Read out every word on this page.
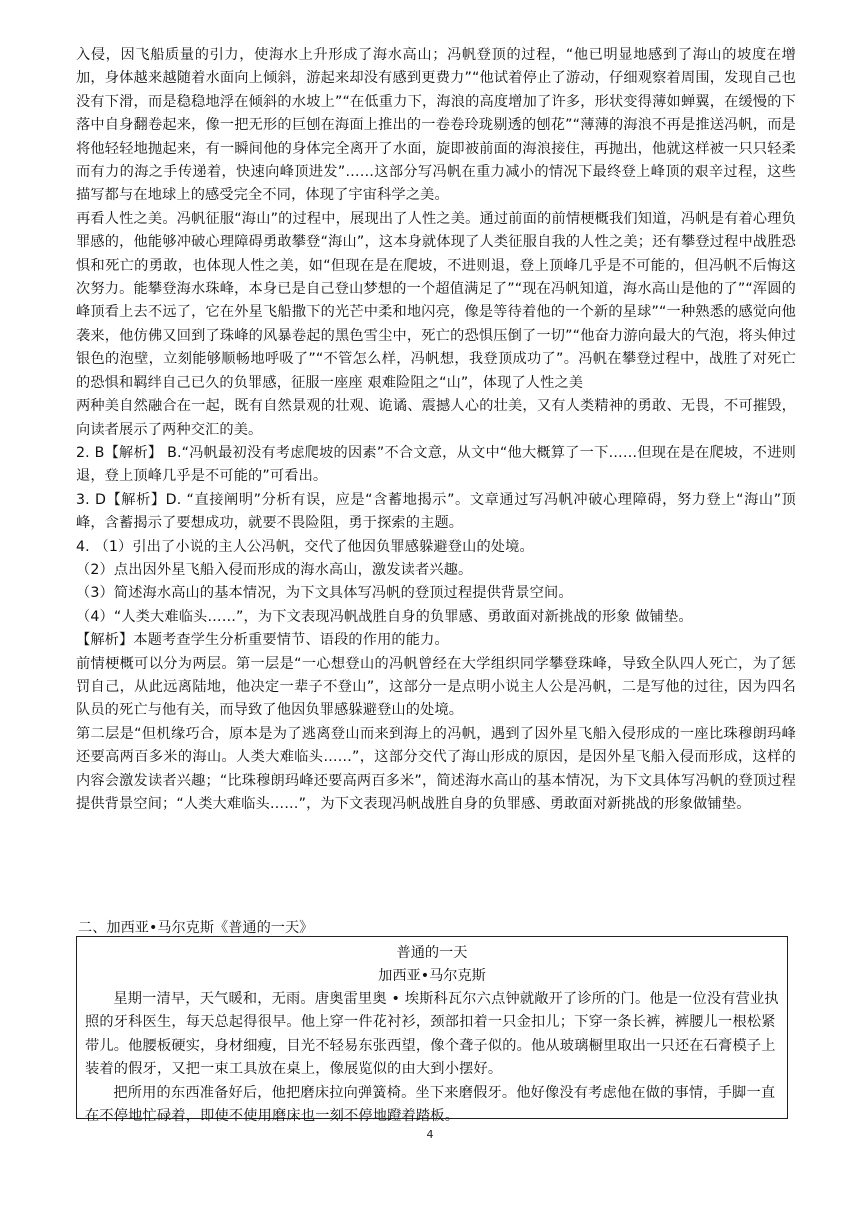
入侵，因飞船质量的引力，使海水上升形成了海水高山；冯帆登顶的过程，“他已明显地感到了海山的坡度在增加，身体越来越随着水面向上倾斜，游起来却没有感到更费力”“他试着停止了游动，仔细观察着周围，发现自己也没有下滑，而是稳稳地浮在倾斜的水坡上”“在低重力下，海浪的高度增加了许多，形状变得薄如蝉翼，在缓慢的下落中自身翻卷起来，像一把无形的巨刨在海面上推出的一卷卷玲珑剔透的刨花”“薄薄的海浪不再是推送冯帆，而是将他轻轻地抛起来，有一瞬间他的身体完全离开了水面，旋即被前面的海浪接住，再抛出，他就这样被一只只轻柔而有力的海之手传递着，快速向峰顶进发”……这部分写冯帆在重力减小的情况下最终登上峰顶的艰辛过程，这些描写都与在地球上的感受完全不同，体现了宇宙科学之美。

再看人性之美。冯帆征服“海山”的过程中，展现出了人性之美。通过前面的前情梗概我们知道，冯帆是有着心理负罪感的，他能够冲破心理障碍勇敢攀登“海山”，这本身就体现了人类征服自我的人性之美；还有攀登过程中战胜恐惧和死亡的勇敢，也体现人性之美，如“但现在是在爬坡，不进则退，登上顶峰几乎是不可能的，但冯帆不后悔这次努力。能攀登海水珠峰，本身已是自己登山梦想的一个超值满足了”“现在冯帆知道，海水高山是他的了”“浑圆的峰顶看上去不远了，它在外星飞船撒下的光芒中柔和地闪亮，像是等待着他的一个新的星球”“一种熟悉的感觉向他袭来，他仿佛又回到了珠峰的风暴卷起的黑色雪尘中，死亡的恐惧压倒了一切”“他奋力游向最大的气泡，将头伸过银色的泡壁，立刻能够顺畅地呼吸了”“不管怎么样，冯帆想，我登顶成功了”。冯帆在攀登过程中，战胜了对死亡的恐惧和羁绊自己已久的负罪感，征服一座座 艰难险阻之“山”，体现了人性之美

两种美自然融合在一起，既有自然景观的壮观、诡谲、震撼人心的壮美，又有人类精神的勇敢、无畏，不可摧毁，向读者展示了两种交汇的美。

2. B【解析】 B.“冯帆最初没有考虑爬坡的因素”不合文意，从文中“他大概算了一下……但现在是在爬坡，不进则退，登上顶峰几乎是不可能的”可看出。

3. D【解析】D. “直接阐明”分析有误，应是“含蓄地揭示”。文章通过写冯帆冲破心理障碍，努力登上“海山”顶峰，含蓄揭示了要想成功，就要不畏险阻，勇于探索的主题。

4. （1）引出了小说的主人公冯帆，交代了他因负罪感躲避登山的处境。

（2）点出因外星飞船入侵而形成的海水高山，激发读者兴趣。

（3）简述海水高山的基本情况，为下文具体写冯帆的登顶过程提供背景空间。

（4）“人类大难临头……”，为下文表现冯帆战胜自身的负罪感、勇敢面对新挑战的形象 做铺垫。

【解析】本题考查学生分析重要情节、语段的作用的能力。

前情梗概可以分为两层。第一层是“一心想登山的冯帆曾经在大学组织同学攀登珠峰，导致全队四人死亡，为了惩罚自己，从此远离陆地，他决定一辈子不登山”，这部分一是点明小说主人公是冯帆，二是写他的过往，因为四名队员的死亡与他有关，而导致了他因负罪感躲避登山的处境。

第二层是“但机缘巧合，原本是为了逃离登山而来到海上的冯帆，遇到了因外星飞船入侵形成的一座比珠穆朗玛峰还要高两百多米的海山。人类大难临头……”，这部分交代了海山形成的原因，是因外星飞船入侵而形成，这样的内容会激发读者兴趣；“比珠穆朗玛峰还要高两百多米”，简述海水高山的基本情况，为下文具体写冯帆的登顶过程提供背景空间；“人类大难临头……”，为下文表现冯帆战胜自身的负罪感、勇敢面对新挑战的形象做铺垫。

二、加西亚•马尔克斯《普通的一天》
普通的一天
加西亚•马尔克斯

星期一清早，天气暖和，无雨。唐奥雷里奥 • 埃斯科瓦尔六点钟就敞开了诊所的门。他是一位没有营业执照的牙科医生，每天总起得很早。他上穿一件花衬衫，颈部扣着一只金扣儿；下穿一条长裤，裤腰儿一根松紧带儿。他腰板硬实，身材细瘦，目光不轻易东张西望，像个聋子似的。他从玻璃橱里取出一只还在石膏模子上装着的假牙，又把一束工具放在桌上，像展览似的由大到小摆好。

把所用的东西准备好后，他把磨床拉向弹簧椅。坐下来磨假牙。他好像没有考虑他在做的事情，手脚一直在不停地忙碌着，即使不使用磨床也一刻不停地蹬着踏板。

4
